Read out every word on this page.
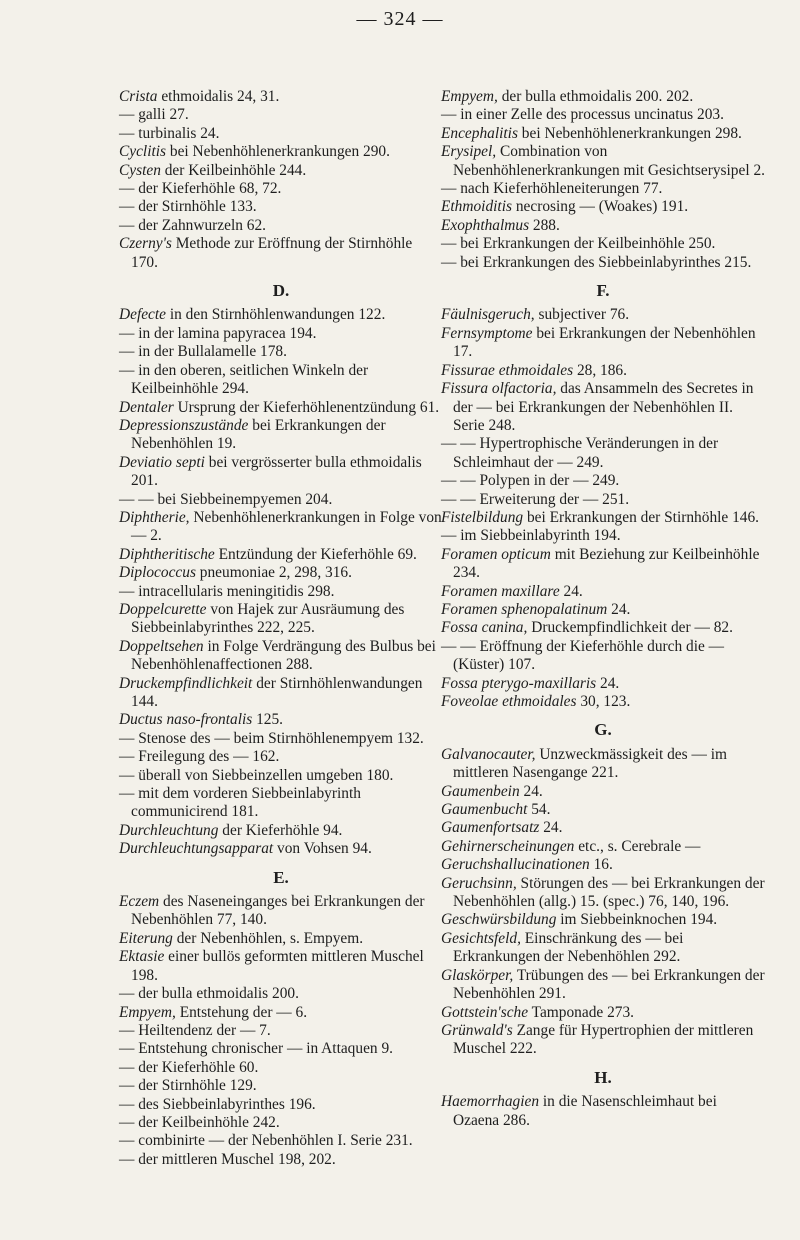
— 324 —
Crista ethmoidalis 24, 31.
— galli 27.
— turbinalis 24.
Cyclitis bei Nebenhöhlenerkrankungen 290.
Cysten der Keilbeinhöhle 244.
— der Kieferhöhle 68, 72.
— der Stirnhöhle 133.
— der Zahnwurzeln 62.
Czerny's Methode zur Eröffnung der Stirnhöhle 170.
D.
Defecte in den Stirnhöhlenwandungen 122.
— in der lamina papyracea 194.
— in der Bullalamelle 178.
— in den oberen, seitlichen Winkeln der Keilbeinhöhle 294.
Dentaler Ursprung der Kieferhöhlenentzündung 61.
Depressionszustände bei Erkrankungen der Nebenhöhlen 19.
Deviatio septi bei vergrösserter bulla ethmoidalis 201.
— — bei Siebbeinempyemen 204.
Diphtherie, Nebenhöhlenerkrankungen in Folge von — 2.
Diphtheritische Entzündung der Kieferhöhle 69.
Diplococcus pneumoniae 2, 298, 316.
— intracellularis meningitidis 298.
Doppelcurette von Hajek zur Ausräumung des Siebbeinlabyrinthes 222, 225.
Doppeltsehen in Folge Verdrängung des Bulbus bei Nebenhöhlenaffectionen 288.
Druckempfindlichkeit der Stirnhöhlenwandungen 144.
Ductus naso-frontalis 125.
— Stenose des — beim Stirnhöhlenempyem 132.
— Freilegung des — 162.
— überall von Siebbeinzellen umgeben 180.
— mit dem vorderen Siebbeinlabyrinth communicirend 181.
Durchleuchtung der Kieferhöhle 94.
Durchleuchtungsapparat von Vohsen 94.
E.
Eczem des Naseneinganges bei Erkrankungen der Nebenhöhlen 77, 140.
Eiterung der Nebenhöhlen, s. Empyem.
Ektasie einer bullös geformten mittleren Muschel 198.
— der bulla ethmoidalis 200.
Empyem, Entstehung der — 6.
— Heiltendenz der — 7.
— Entstehung chronischer — in Attaquen 9.
— der Kieferhöhle 60.
— der Stirnhöhle 129.
— des Siebbeinlabyrinthes 196.
— der Keilbeinhöhle 242.
— combinirte — der Nebenhöhlen I. Serie 231.
— der mittleren Muschel 198, 202.
Empyem, der bulla ethmoidalis 200. 202.
— in einer Zelle des processus uncinatus 203.
Encephalitis bei Nebenhöhlenerkrankungen 298.
Erysipel, Combination von Nebenhöhlenerkrankungen mit Gesichtserysipel 2.
— nach Kieferhöhleneiterungen 77.
Ethmoiditis necrosing — (Woakes) 191.
Exophthalmus 288.
— bei Erkrankungen der Keilbeinhöhle 250.
— bei Erkrankungen des Siebbeinlabyrinthes 215.
F.
Fäulnisgeruch, subjectiver 76.
Fernsymptome bei Erkrankungen der Nebenhöhlen 17.
Fissurae ethmoidales 28, 186.
Fissura olfactoria, das Ansammeln des Secretes in der — bei Erkrankungen der Nebenhöhlen II. Serie 248.
— — Hypertrophische Veränderungen in der Schleimhaut der — 249.
— — Polypen in der — 249.
— — Erweiterung der — 251.
Fistelbildung bei Erkrankungen der Stirnhöhle 146.
— im Siebbeinlabyrinth 194.
Foramen opticum mit Beziehung zur Keilbeinhöhle 234.
Foramen maxillare 24.
Foramen sphenopalatinum 24.
Fossa canina, Druckempfindlichkeit der — 82.
— — Eröffnung der Kieferhöhle durch die — (Küster) 107.
Fossa pterygo-maxillaris 24.
Foveolae ethmoidales 30, 123.
G.
Galvanocauter, Unzweckmässigkeit des — im mittleren Nasengange 221.
Gaumenbein 24.
Gaumenbucht 54.
Gaumenfortsatz 24.
Gehirnerscheinungen etc., s. Cerebrale —
Geruchshallucinationen 16.
Geruchsinn, Störungen des — bei Erkrankungen der Nebenhöhlen (allg.) 15. (spec.) 76, 140, 196.
Geschwürsbildung im Siebbeinknochen 194.
Gesichtsfeld, Einschränkung des — bei Erkrankungen der Nebenhöhlen 292.
Glaskörper, Trübungen des — bei Erkrankungen der Nebenhöhlen 291.
Gottstein'sche Tamponade 273.
Grünwald's Zange für Hypertrophien der mittleren Muschel 222.
H.
Haemorrhagien in die Nasenschleimhaut bei Ozaena 286.
